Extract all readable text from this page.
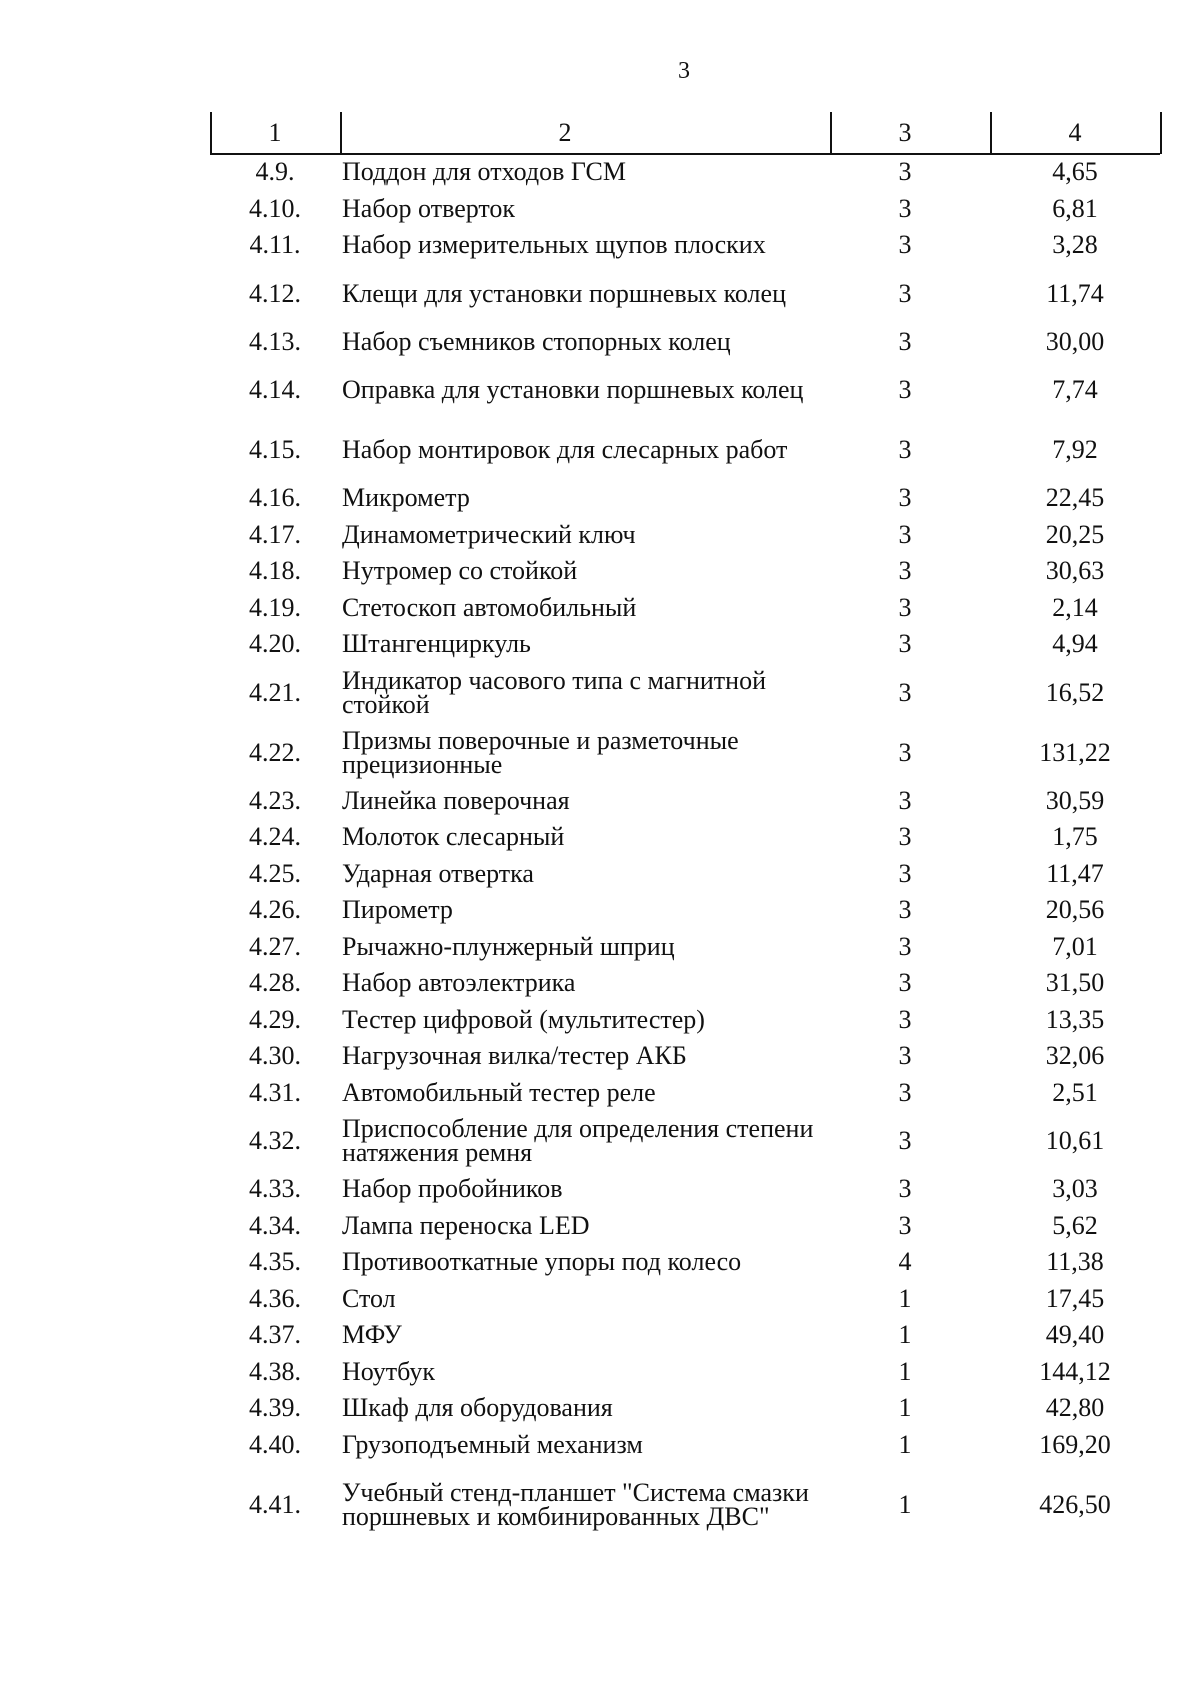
3
1	2	3	4
4.9.	Поддон для отходов ГСМ	3	4,65
4.10.	Набор отверток	3	6,81
4.11.	Набор измерительных щупов плоских	3	3,28
4.12.	Клещи для установки поршневых колец	3	11,74
4.13.	Набор съемников стопорных колец	3	30,00
4.14.	Оправка для установки поршневых колец	3	7,74
4.15.	Набор монтировок для слесарных работ	3	7,92
4.16.	Микрометр	3	22,45
4.17.	Динамометрический ключ	3	20,25
4.18.	Нутромер со стойкой	3	30,63
4.19.	Стетоскоп автомобильный	3	2,14
4.20.	Штангенциркуль	3	4,94
4.21.	Индикатор часового типа с магнитной стойкой	3	16,52
4.22.	Призмы поверочные и разметочные прецизионные	3	131,22
4.23.	Линейка поверочная	3	30,59
4.24.	Молоток слесарный	3	1,75
4.25.	Ударная отвертка	3	11,47
4.26.	Пирометр	3	20,56
4.27.	Рычажно-плунжерный шприц	3	7,01
4.28.	Набор автоэлектрика	3	31,50
4.29.	Тестер цифровой (мультитестер)	3	13,35
4.30.	Нагрузочная вилка/тестер АКБ	3	32,06
4.31.	Автомобильный тестер реле	3	2,51
4.32.	Приспособление для определения степени натяжения ремня	3	10,61
4.33.	Набор пробойников	3	3,03
4.34.	Лампа переноска LED	3	5,62
4.35.	Противооткатные упоры под колесо	4	11,38
4.36.	Стол	1	17,45
4.37.	МФУ	1	49,40
4.38.	Ноутбук	1	144,12
4.39.	Шкаф для оборудования	1	42,80
4.40.	Грузоподъемный механизм	1	169,20
4.41.	Учебный стенд-планшет "Система смазки поршневых и комбинированных ДВС"	1	426,50
